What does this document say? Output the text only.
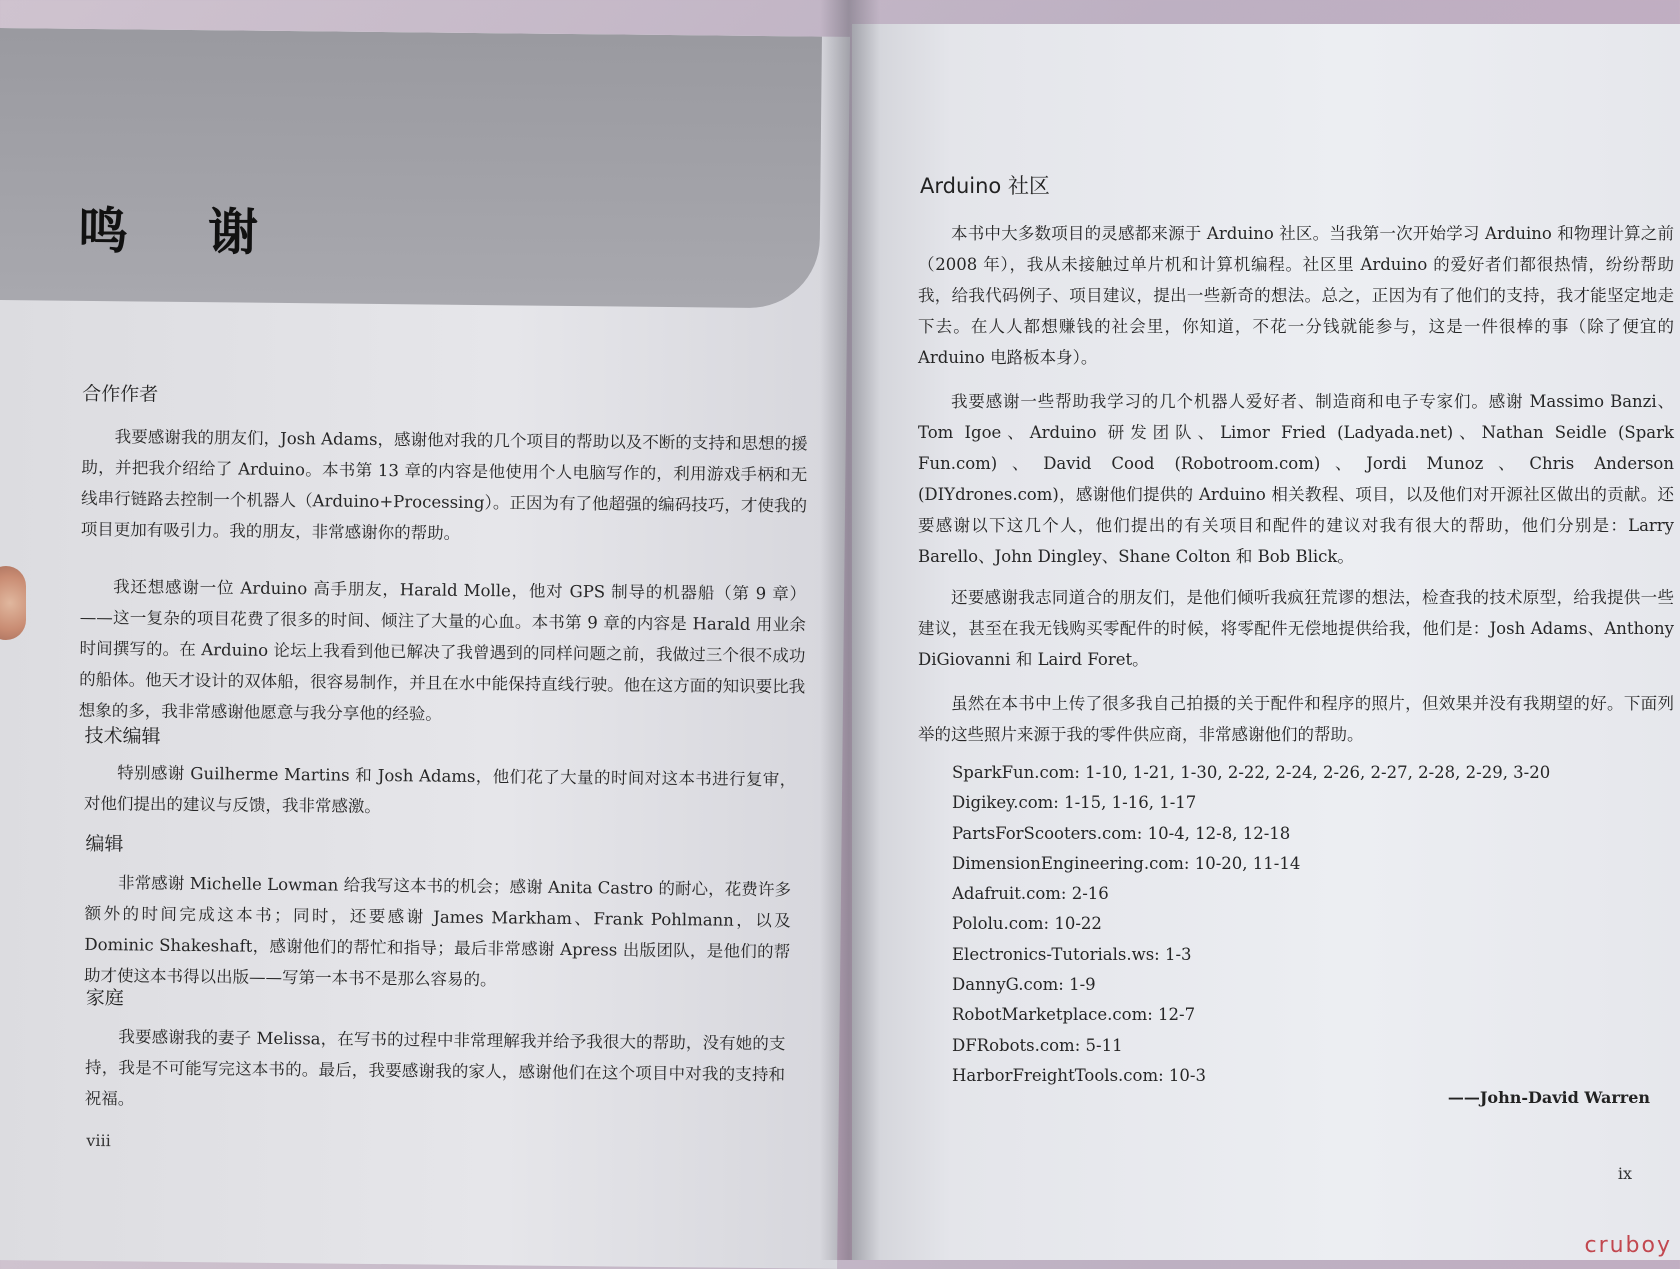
鸣谢
合作作者

我要感谢我的朋友们，Josh Adams，感谢他对我的几个项目的帮助以及不断的支持和思想的援助，并把我介绍给了 Arduino。本书第 13 章的内容是他使用个人电脑写作的，利用游戏手柄和无线串行链路去控制一个机器人（Arduino+Processing）。正因为有了他超强的编码技巧，才使我的项目更加有吸引力。我的朋友，非常感谢你的帮助。

我还想感谢一位 Arduino 高手朋友，Harald Molle，他对 GPS 制导的机器船（第 9 章）——这一复杂的项目花费了很多的时间、倾注了大量的心血。本书第 9 章的内容是 Harald 用业余时间撰写的。在 Arduino 论坛上我看到他已解决了我曾遇到的同样问题之前，我做过三个很不成功的船体。他天才设计的双体船，很容易制作，并且在水中能保持直线行驶。他在这方面的知识要比我想象的多，我非常感谢他愿意与我分享他的经验。

技术编辑

特别感谢 Guilherme Martins 和 Josh Adams，他们花了大量的时间对这本书进行复审，对他们提出的建议与反馈，我非常感激。

编辑

非常感谢 Michelle Lowman 给我写这本书的机会；感谢 Anita Castro 的耐心，花费许多额外的时间完成这本书；同时，还要感谢 James Markham、Frank Pohlmann，以及 Dominic Shakeshaft，感谢他们的帮忙和指导；最后非常感谢 Apress 出版团队，是他们的帮助才使这本书得以出版——写第一本书不是那么容易的。

家庭

我要感谢我的妻子 Melissa，在写书的过程中非常理解我并给予我很大的帮助，没有她的支持，我是不可能写完这本书的。最后，我要感谢我的家人，感谢他们在这个项目中对我的支持和祝福。

viii
Arduino 社区

本书中大多数项目的灵感都来源于 Arduino 社区。当我第一次开始学习 Arduino 和物理计算之前（2008 年），我从未接触过单片机和计算机编程。社区里 Arduino 的爱好者们都很热情，纷纷帮助我，给我代码例子、项目建议，提出一些新奇的想法。总之，正因为有了他们的支持，我才能坚定地走下去。在人人都想赚钱的社会里，你知道，不花一分钱就能参与，这是一件很棒的事（除了便宜的 Arduino 电路板本身）。

我要感谢一些帮助我学习的几个机器人爱好者、制造商和电子专家们。感谢 Massimo Banzi、Tom Igoe、Arduino 研发团队、Limor Fried (Ladyada.net)、Nathan Seidle (Spark Fun.com)、David Cood (Robotroom.com)、Jordi Munoz、Chris Anderson (DIYdrones.com)，感谢他们提供的 Arduino 相关教程、项目，以及他们对开源社区做出的贡献。还要感谢以下这几个人，他们提出的有关项目和配件的建议对我有很大的帮助，他们分别是：Larry Barello、John Dingley、Shane Colton 和 Bob Blick。

还要感谢我志同道合的朋友们，是他们倾听我疯狂荒谬的想法，检查我的技术原型，给我提供一些建议，甚至在我无钱购买零配件的时候，将零配件无偿地提供给我，他们是：Josh Adams、Anthony DiGiovanni 和 Laird Foret。

虽然在本书中上传了很多我自己拍摄的关于配件和程序的照片，但效果并没有我期望的好。下面列举的这些照片来源于我的零件供应商，非常感谢他们的帮助。

SparkFun.com: 1-10, 1-21, 1-30, 2-22, 2-24, 2-26, 2-27, 2-28, 2-29, 3-20
Digikey.com: 1-15, 1-16, 1-17
PartsForScooters.com: 10-4, 12-8, 12-18
DimensionEngineering.com: 10-20, 11-14
Adafruit.com: 2-16
Pololu.com: 10-22
Electronics-Tutorials.ws: 1-3
DannyG.com: 1-9
RobotMarketplace.com: 12-7
DFRobots.com: 5-11
HarborFreightTools.com: 10-3
——John-David Warren
ix
cruboy
